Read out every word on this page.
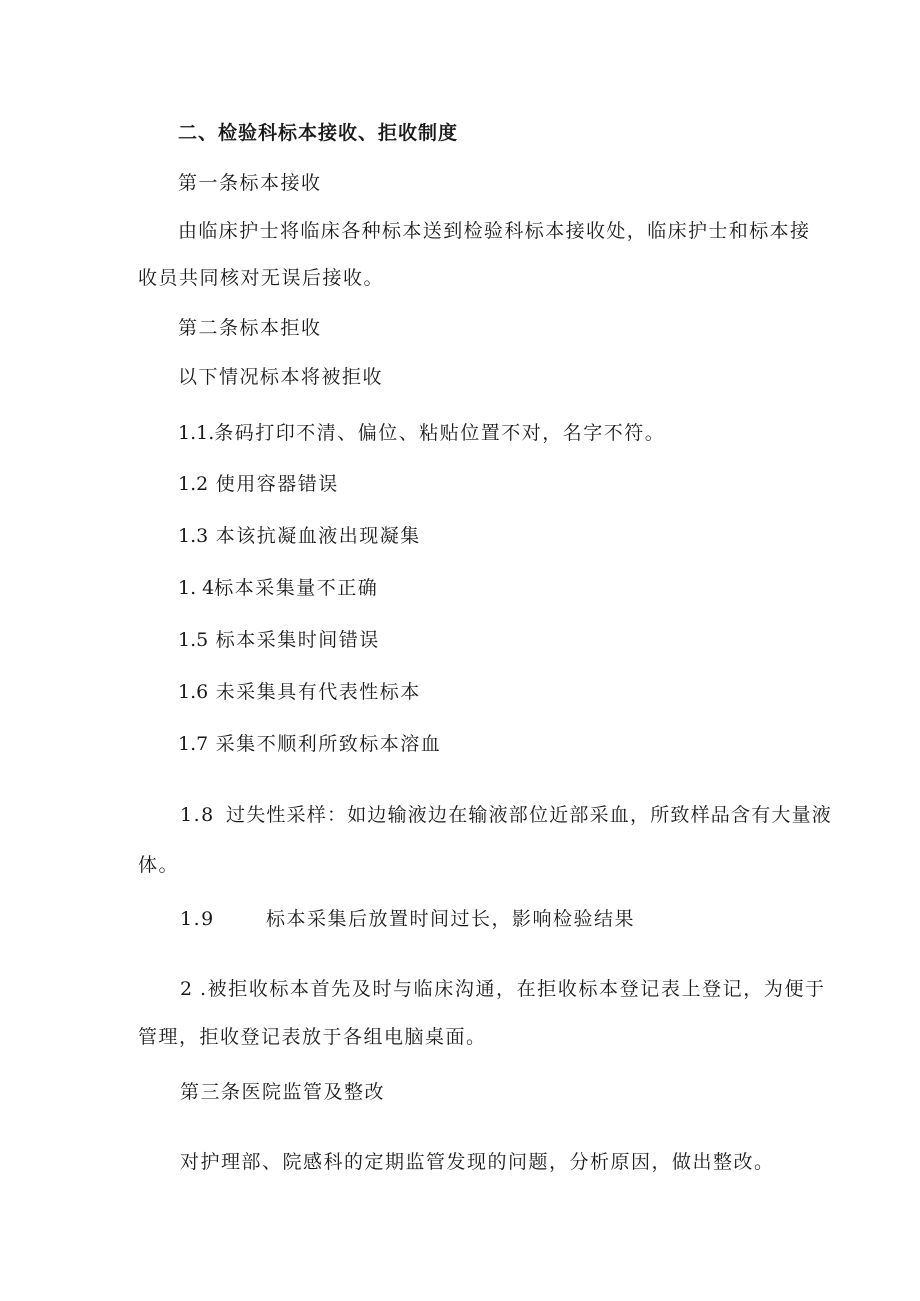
二、检验科标本接收、拒收制度
第一条标本接收
由临床护士将临床各种标本送到检验科标本接收处，临床护士和标本接
收员共同核对无误后接收。
第二条标本拒收
以下情况标本将被拒收
1.1.条码打印不清、偏位、粘贴位置不对，名字不符。
1.2 使用容器错误
1.3 本该抗凝血液出现凝集
1. 4标本采集量不正确
1.5 标本采集时间错误
1.6 未采集具有代表性标本
1.7 采集不顺利所致标本溶血
1.8 过失性采样：如边输液边在输液部位近部采血，所致样品含有大量液
体。
1.9	标本采集后放置时间过长，影响检验结果
2 .被拒收标本首先及时与临床沟通，在拒收标本登记表上登记，为便于
管理，拒收登记表放于各组电脑桌面。
第三条医院监管及整改
对护理部、院感科的定期监管发现的问题，分析原因，做出整改。
